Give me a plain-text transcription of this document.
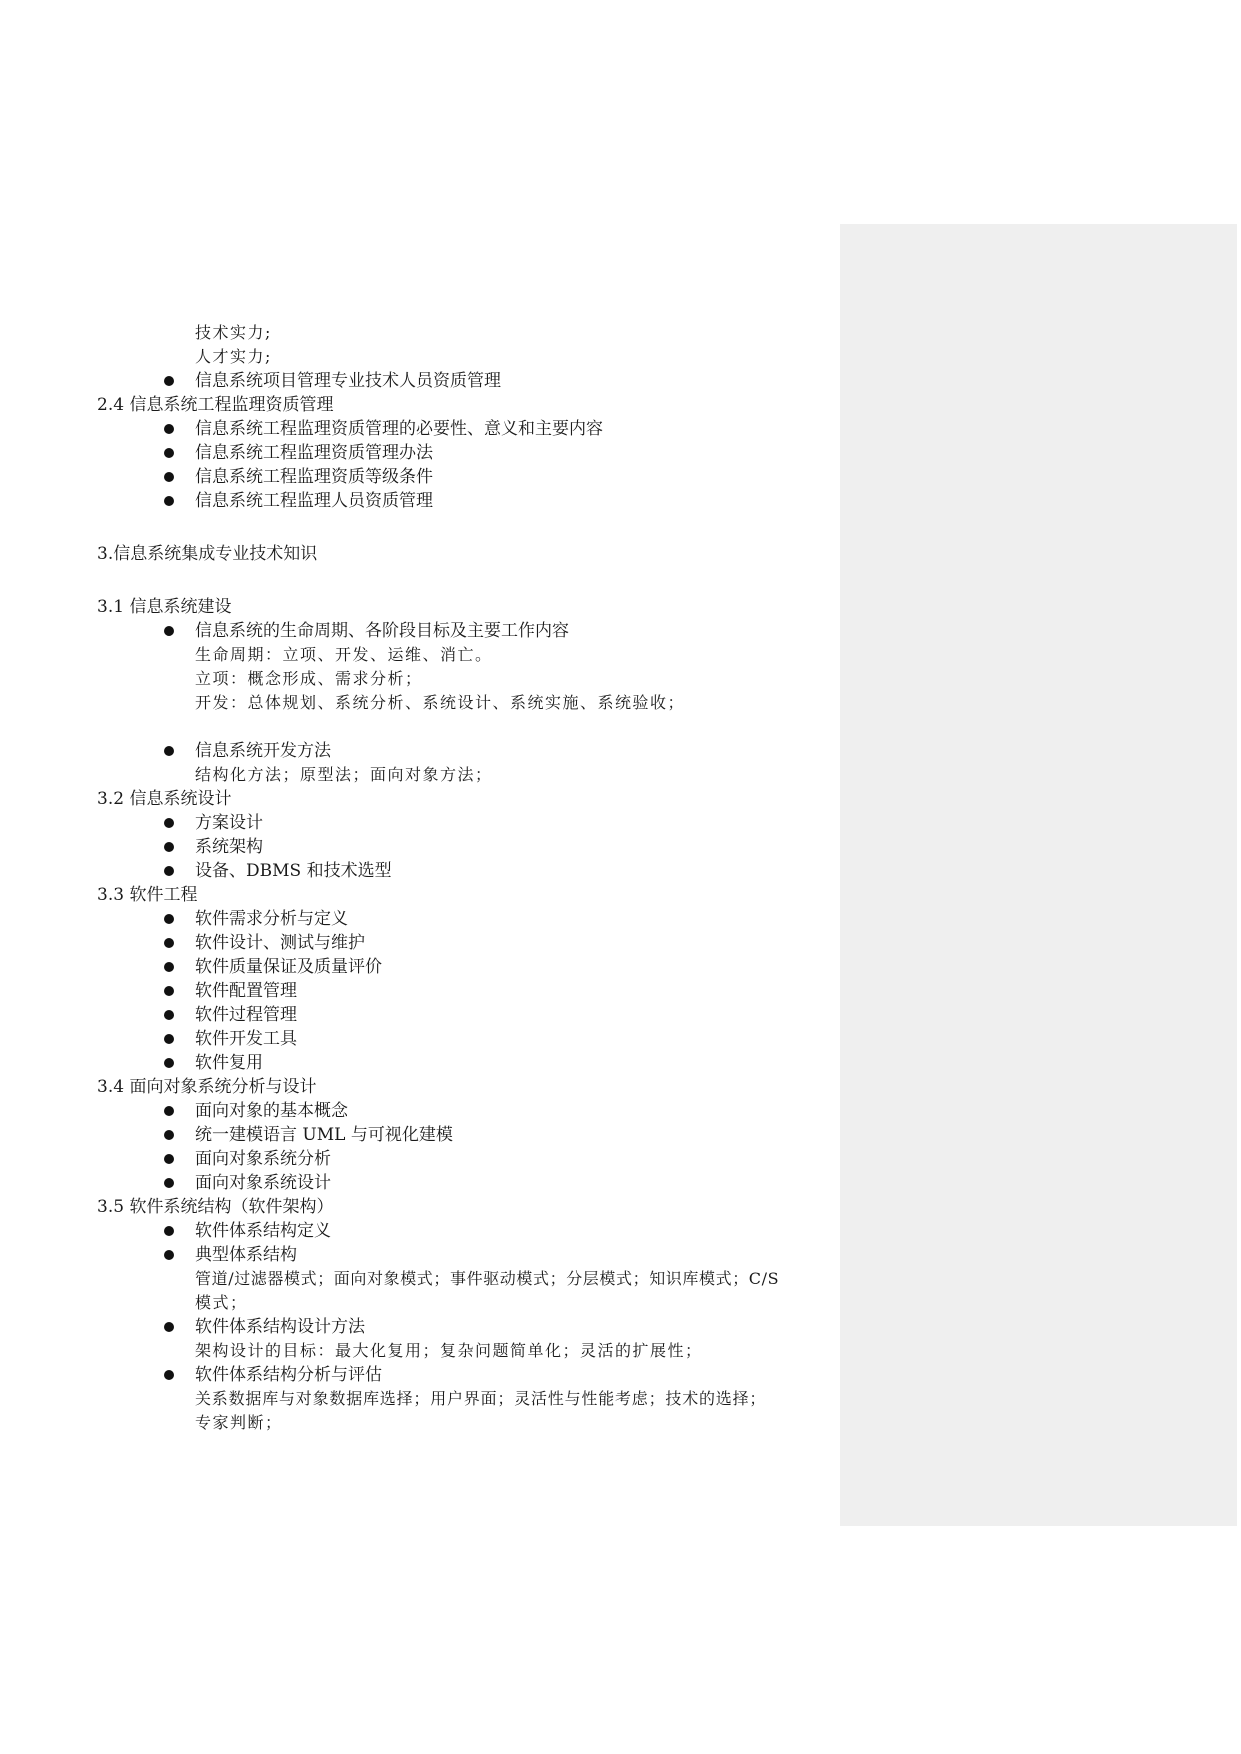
技术实力;
人才实力;
信息系统项目管理专业技术人员资质管理
2.4 信息系统工程监理资质管理
信息系统工程监理资质管理的必要性、意义和主要内容
信息系统工程监理资质管理办法
信息系统工程监理资质等级条件
信息系统工程监理人员资质管理
3.信息系统集成专业技术知识
3.1 信息系统建设
信息系统的生命周期、各阶段目标及主要工作内容
生命周期：立项、开发、运维、消亡。
立项：概念形成、需求分析；
开发：总体规划、系统分析、系统设计、系统实施、系统验收；
信息系统开发方法
结构化方法；原型法；面向对象方法；
3.2 信息系统设计
方案设计
系统架构
设备、DBMS 和技术选型
3.3 软件工程
软件需求分析与定义
软件设计、测试与维护
软件质量保证及质量评价
软件配置管理
软件过程管理
软件开发工具
软件复用
3.4 面向对象系统分析与设计
面向对象的基本概念
统一建模语言 UML 与可视化建模
面向对象系统分析
面向对象系统设计
3.5 软件系统结构（软件架构）
软件体系结构定义
典型体系结构
管道/过滤器模式；面向对象模式；事件驱动模式；分层模式；知识库模式；C/S
模式；
软件体系结构设计方法
架构设计的目标：最大化复用；复杂问题简单化；灵活的扩展性；
软件体系结构分析与评估
关系数据库与对象数据库选择；用户界面；灵活性与性能考虑；技术的选择；
专家判断；
